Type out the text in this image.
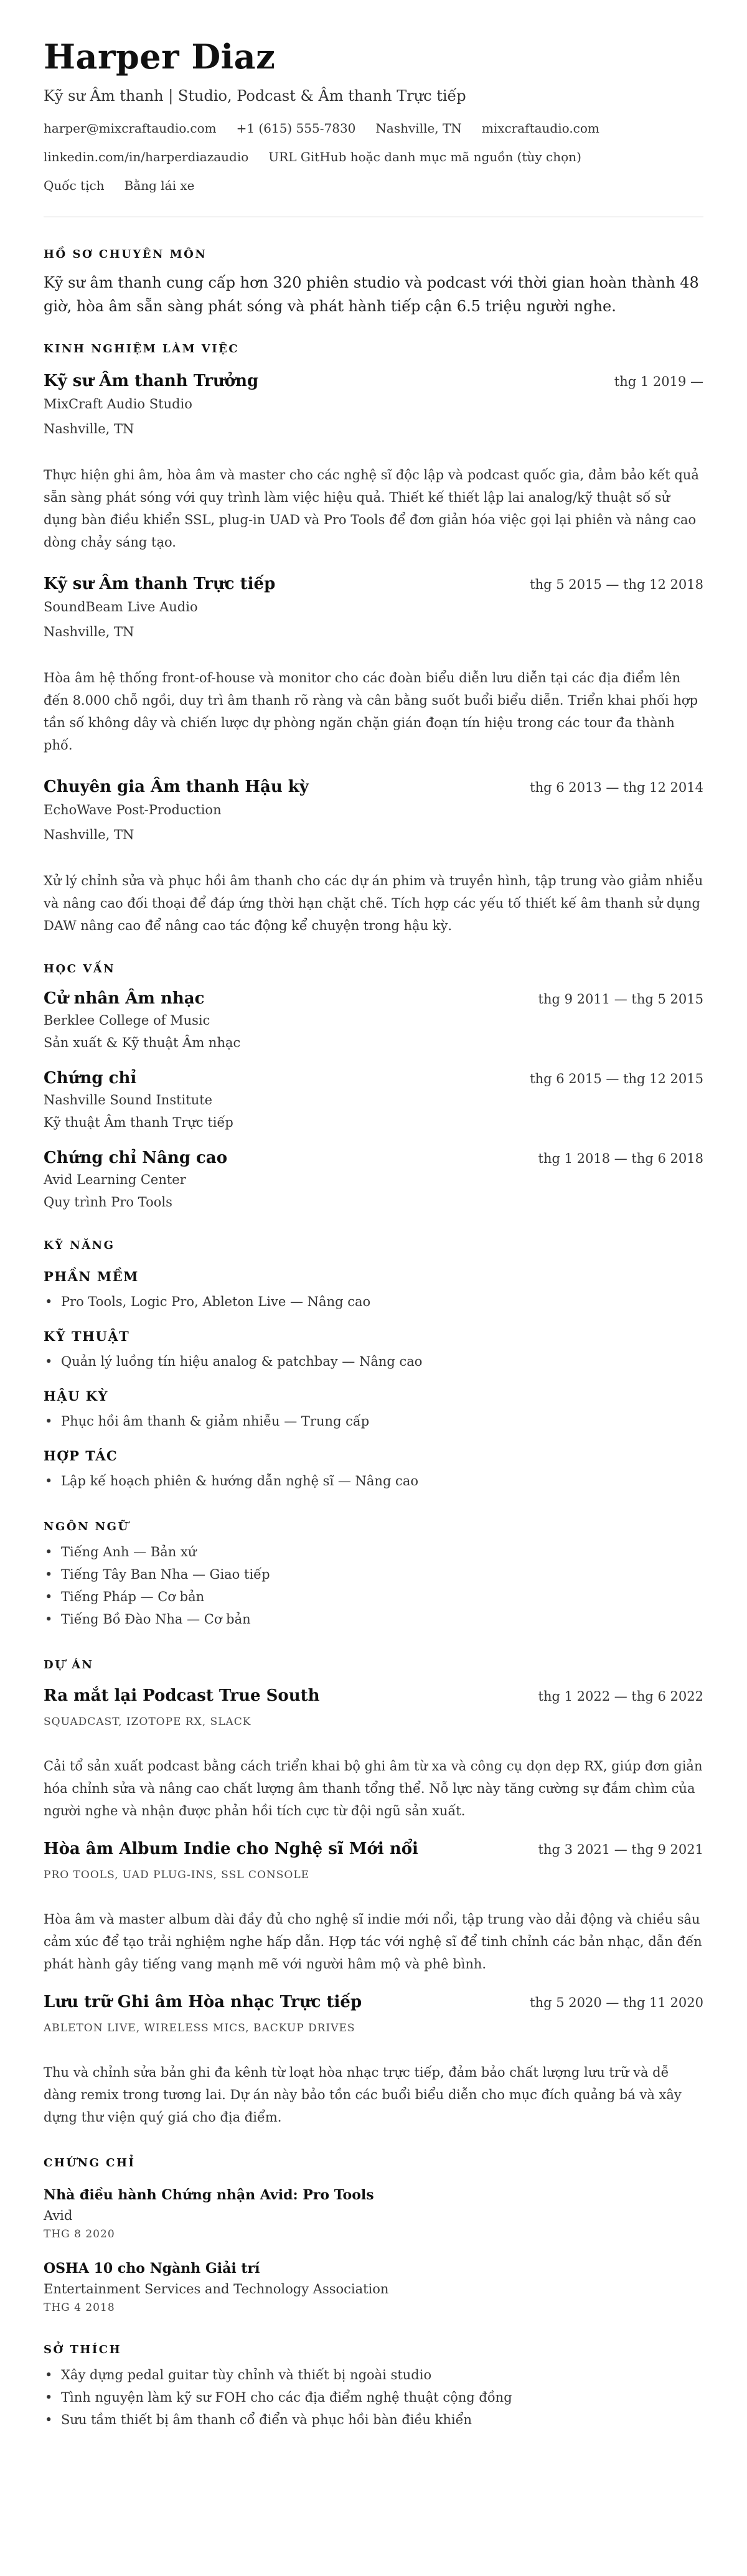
Harper Diaz
Kỹ sư Âm thanh | Studio, Podcast & Âm thanh Trực tiếp
harper@mixcraftaudio.com +1 (615) 555-7830 Nashville, TN mixcraftaudio.com
linkedin.com/in/harperdiazaudio URL GitHub hoặc danh mục mã nguồn (tùy chọn)
Quốc tịch Bằng lái xe
HỒ SƠ CHUYÊN MÔN
Kỹ sư âm thanh cung cấp hơn 320 phiên studio và podcast với thời gian hoàn thành 48 giờ, hòa âm sẵn sàng phát sóng và phát hành tiếp cận 6.5 triệu người nghe.
KINH NGHIỆM LÀM VIỆC
Kỹ sư Âm thanh Trưởng	thg 1 2019 —
MixCraft Audio Studio
Nashville, TN
Thực hiện ghi âm, hòa âm và master cho các nghệ sĩ độc lập và podcast quốc gia, đảm bảo kết quả sẵn sàng phát sóng với quy trình làm việc hiệu quả. Thiết kế thiết lập lai analog/kỹ thuật số sử dụng bàn điều khiển SSL, plug-in UAD và Pro Tools để đơn giản hóa việc gọi lại phiên và nâng cao dòng chảy sáng tạo.
Kỹ sư Âm thanh Trực tiếp	thg 5 2015 — thg 12 2018
SoundBeam Live Audio
Nashville, TN
Hòa âm hệ thống front-of-house và monitor cho các đoàn biểu diễn lưu diễn tại các địa điểm lên đến 8.000 chỗ ngồi, duy trì âm thanh rõ ràng và cân bằng suốt buổi biểu diễn. Triển khai phối hợp tần số không dây và chiến lược dự phòng ngăn chặn gián đoạn tín hiệu trong các tour đa thành phố.
Chuyên gia Âm thanh Hậu kỳ	thg 6 2013 — thg 12 2014
EchoWave Post-Production
Nashville, TN
Xử lý chỉnh sửa và phục hồi âm thanh cho các dự án phim và truyền hình, tập trung vào giảm nhiễu và nâng cao đối thoại để đáp ứng thời hạn chặt chẽ. Tích hợp các yếu tố thiết kế âm thanh sử dụng DAW nâng cao để nâng cao tác động kể chuyện trong hậu kỳ.
HỌC VẤN
Cử nhân Âm nhạc	thg 9 2011 — thg 5 2015
Berklee College of Music
Sản xuất & Kỹ thuật Âm nhạc
Chứng chỉ	thg 6 2015 — thg 12 2015
Nashville Sound Institute
Kỹ thuật Âm thanh Trực tiếp
Chứng chỉ Nâng cao	thg 1 2018 — thg 6 2018
Avid Learning Center
Quy trình Pro Tools
KỸ NĂNG
PHẦN MỀM
• Pro Tools, Logic Pro, Ableton Live — Nâng cao
KỸ THUẬT
• Quản lý luồng tín hiệu analog & patchbay — Nâng cao
HẬU KỲ
• Phục hồi âm thanh & giảm nhiễu — Trung cấp
HỢP TÁC
• Lập kế hoạch phiên & hướng dẫn nghệ sĩ — Nâng cao
NGÔN NGỮ
• Tiếng Anh — Bản xứ
• Tiếng Tây Ban Nha — Giao tiếp
• Tiếng Pháp — Cơ bản
• Tiếng Bồ Đào Nha — Cơ bản
DỰ ÁN
Ra mắt lại Podcast True South	thg 1 2022 — thg 6 2022
SQUADCAST, IZOTOPE RX, SLACK
Cải tổ sản xuất podcast bằng cách triển khai bộ ghi âm từ xa và công cụ dọn dẹp RX, giúp đơn giản hóa chỉnh sửa và nâng cao chất lượng âm thanh tổng thể. Nỗ lực này tăng cường sự đắm chìm của người nghe và nhận được phản hồi tích cực từ đội ngũ sản xuất.
Hòa âm Album Indie cho Nghệ sĩ Mới nổi	thg 3 2021 — thg 9 2021
PRO TOOLS, UAD PLUG-INS, SSL CONSOLE
Hòa âm và master album dài đầy đủ cho nghệ sĩ indie mới nổi, tập trung vào dải động và chiều sâu cảm xúc để tạo trải nghiệm nghe hấp dẫn. Hợp tác với nghệ sĩ để tinh chỉnh các bản nhạc, dẫn đến phát hành gây tiếng vang mạnh mẽ với người hâm mộ và phê bình.
Lưu trữ Ghi âm Hòa nhạc Trực tiếp	thg 5 2020 — thg 11 2020
ABLETON LIVE, WIRELESS MICS, BACKUP DRIVES
Thu và chỉnh sửa bản ghi đa kênh từ loạt hòa nhạc trực tiếp, đảm bảo chất lượng lưu trữ và dễ dàng remix trong tương lai. Dự án này bảo tồn các buổi biểu diễn cho mục đích quảng bá và xây dựng thư viện quý giá cho địa điểm.
CHỨNG CHỈ
Nhà điều hành Chứng nhận Avid: Pro Tools
Avid
THG 8 2020
OSHA 10 cho Ngành Giải trí
Entertainment Services and Technology Association
THG 4 2018
SỞ THÍCH
• Xây dựng pedal guitar tùy chỉnh và thiết bị ngoài studio
• Tình nguyện làm kỹ sư FOH cho các địa điểm nghệ thuật cộng đồng
• Sưu tầm thiết bị âm thanh cổ điển và phục hồi bàn điều khiển
